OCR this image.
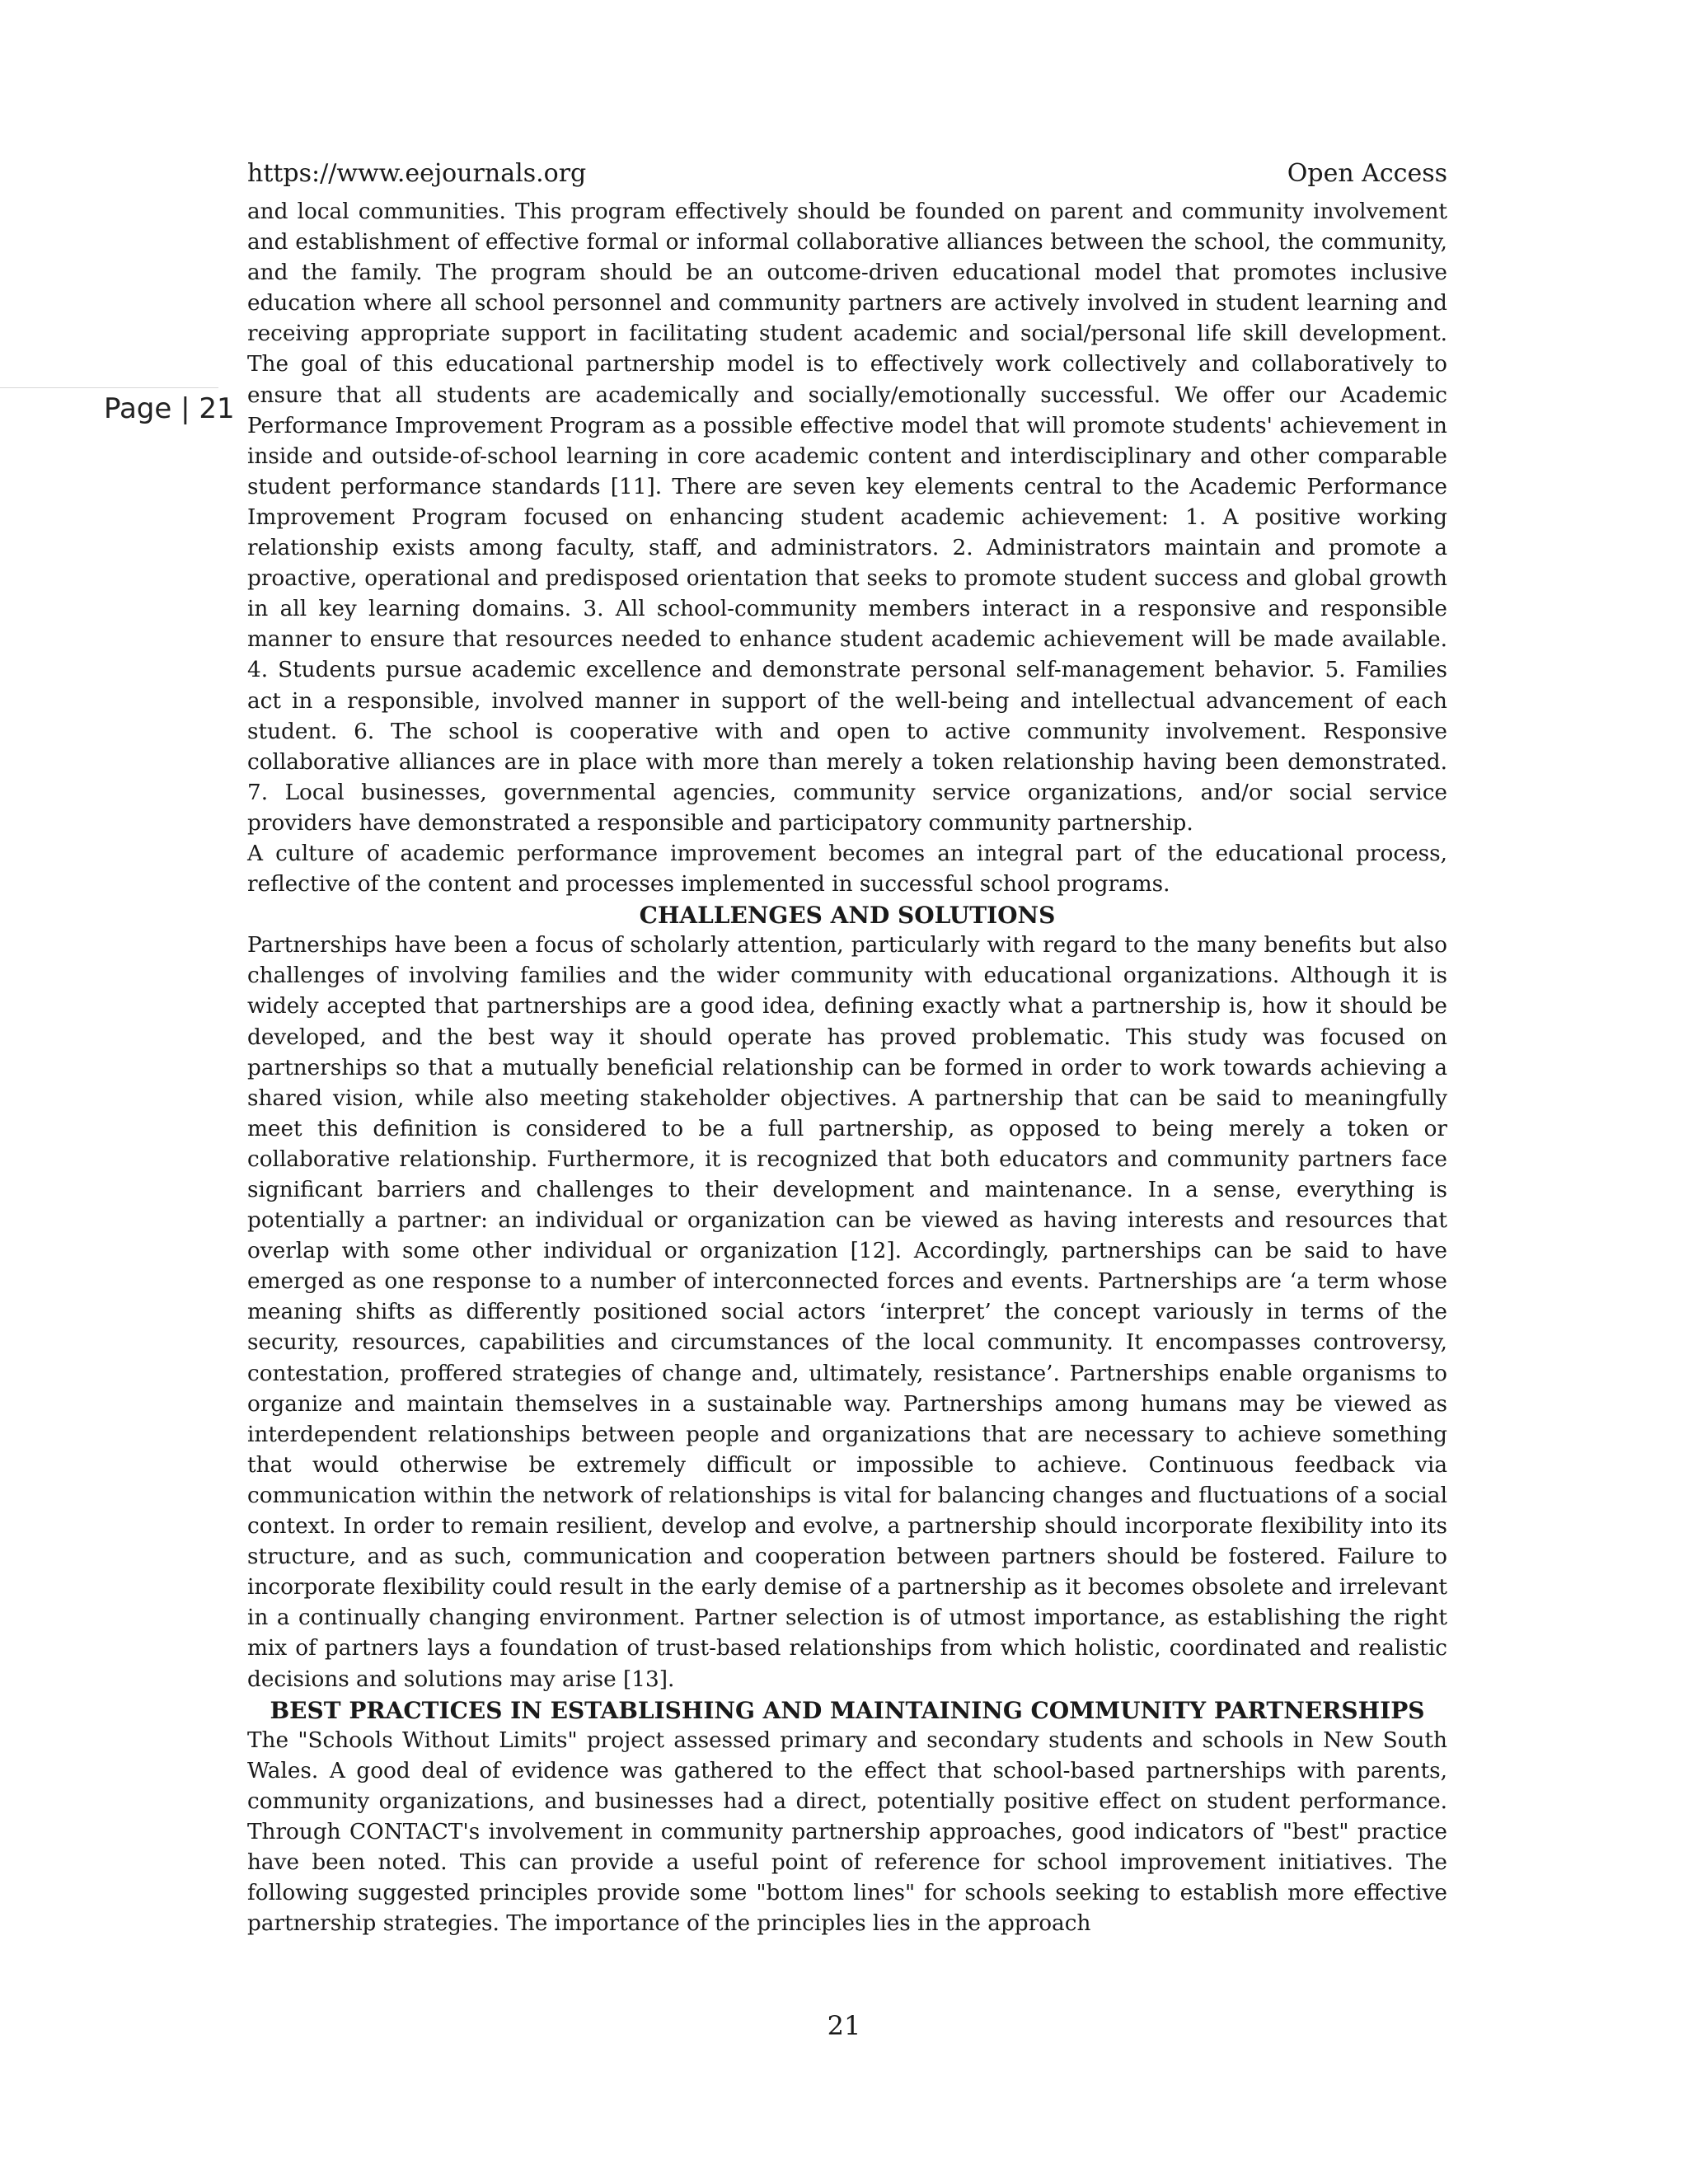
https://www.eejournals.org	Open Access
Page | 21

and local communities. This program effectively should be founded on parent and community involvement and establishment of effective formal or informal collaborative alliances between the school, the community, and the family. The program should be an outcome-driven educational model that promotes inclusive education where all school personnel and community partners are actively involved in student learning and receiving appropriate support in facilitating student academic and social/personal life skill development. The goal of this educational partnership model is to effectively work collectively and collaboratively to ensure that all students are academically and socially/emotionally successful. We offer our Academic Performance Improvement Program as a possible effective model that will promote students' achievement in inside and outside-of-school learning in core academic content and interdisciplinary and other comparable student performance standards [11]. There are seven key elements central to the Academic Performance Improvement Program focused on enhancing student academic achievement: 1. A positive working relationship exists among faculty, staff, and administrators. 2. Administrators maintain and promote a proactive, operational and predisposed orientation that seeks to promote student success and global growth in all key learning domains. 3. All school-community members interact in a responsive and responsible manner to ensure that resources needed to enhance student academic achievement will be made available. 4. Students pursue academic excellence and demonstrate personal self-management behavior. 5. Families act in a responsible, involved manner in support of the well-being and intellectual advancement of each student. 6. The school is cooperative with and open to active community involvement. Responsive collaborative alliances are in place with more than merely a token relationship having been demonstrated. 7. Local businesses, governmental agencies, community service organizations, and/or social service providers have demonstrated a responsible and participatory community partnership.

A culture of academic performance improvement becomes an integral part of the educational process, reflective of the content and processes implemented in successful school programs.

CHALLENGES AND SOLUTIONS

Partnerships have been a focus of scholarly attention, particularly with regard to the many benefits but also challenges of involving families and the wider community with educational organizations. Although it is widely accepted that partnerships are a good idea, defining exactly what a partnership is, how it should be developed, and the best way it should operate has proved problematic. This study was focused on partnerships so that a mutually beneficial relationship can be formed in order to work towards achieving a shared vision, while also meeting stakeholder objectives. A partnership that can be said to meaningfully meet this definition is considered to be a full partnership, as opposed to being merely a token or collaborative relationship. Furthermore, it is recognized that both educators and community partners face significant barriers and challenges to their development and maintenance. In a sense, everything is potentially a partner: an individual or organization can be viewed as having interests and resources that overlap with some other individual or organization [12]. Accordingly, partnerships can be said to have emerged as one response to a number of interconnected forces and events. Partnerships are ‘a term whose meaning shifts as differently positioned social actors ‘interpret’ the concept variously in terms of the security, resources, capabilities and circumstances of the local community. It encompasses controversy, contestation, proffered strategies of change and, ultimately, resistance’. Partnerships enable organisms to organize and maintain themselves in a sustainable way. Partnerships among humans may be viewed as interdependent relationships between people and organizations that are necessary to achieve something that would otherwise be extremely difficult or impossible to achieve. Continuous feedback via communication within the network of relationships is vital for balancing changes and fluctuations of a social context. In order to remain resilient, develop and evolve, a partnership should incorporate flexibility into its structure, and as such, communication and cooperation between partners should be fostered. Failure to incorporate flexibility could result in the early demise of a partnership as it becomes obsolete and irrelevant in a continually changing environment. Partner selection is of utmost importance, as establishing the right mix of partners lays a foundation of trust-based relationships from which holistic, coordinated and realistic decisions and solutions may arise [13].

BEST PRACTICES IN ESTABLISHING AND MAINTAINING COMMUNITY PARTNERSHIPS

The "Schools Without Limits" project assessed primary and secondary students and schools in New South Wales. A good deal of evidence was gathered to the effect that school-based partnerships with parents, community organizations, and businesses had a direct, potentially positive effect on student performance. Through CONTACT's involvement in community partnership approaches, good indicators of "best" practice have been noted. This can provide a useful point of reference for school improvement initiatives. The following suggested principles provide some "bottom lines" for schools seeking to establish more effective partnership strategies. The importance of the principles lies in the approach

21
